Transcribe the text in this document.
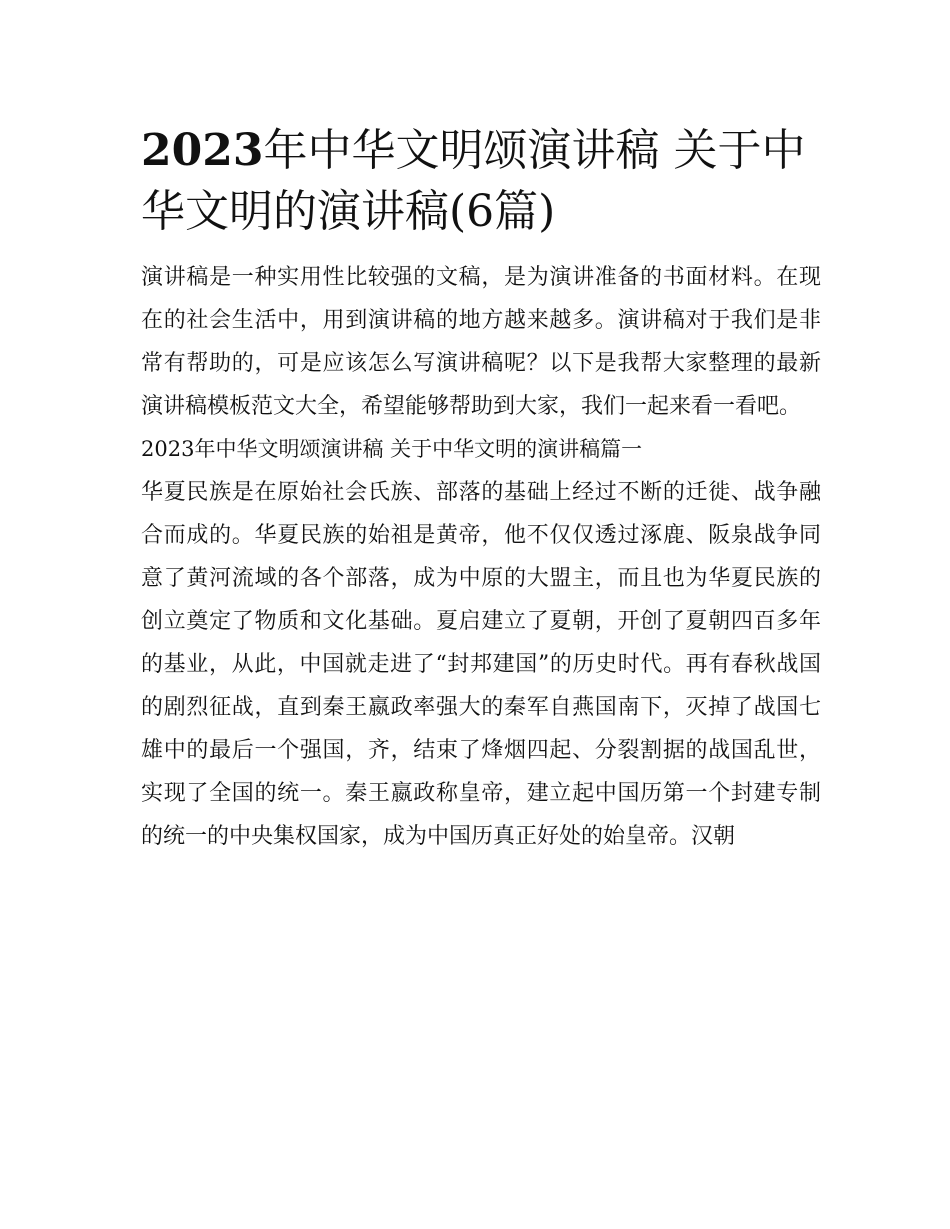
2023年中华文明颂演讲稿 关于中华文明的演讲稿(6篇)

演讲稿是一种实用性比较强的文稿，是为演讲准备的书面材料。在现在的社会生活中，用到演讲稿的地方越来越多。演讲稿对于我们是非常有帮助的，可是应该怎么写演讲稿呢？以下是我帮大家整理的最新演讲稿模板范文大全，希望能够帮助到大家，我们一起来看一看吧。

2023年中华文明颂演讲稿 关于中华文明的演讲稿篇一

华夏民族是在原始社会氏族、部落的基础上经过不断的迁徙、战争融合而成的。华夏民族的始祖是黄帝，他不仅仅透过涿鹿、阪泉战争同意了黄河流域的各个部落，成为中原的大盟主，而且也为华夏民族的创立奠定了物质和文化基础。夏启建立了夏朝，开创了夏朝四百多年的基业，从此，中国就走进了“封邦建国”的历史时代。再有春秋战国的剧烈征战，直到秦王嬴政率强大的秦军自燕国南下，灭掉了战国七雄中的最后一个强国，齐，结束了烽烟四起、分裂割据的战国乱世，实现了全国的统一。秦王嬴政称皇帝，建立起中国历第一个封建专制的统一的中央集权国家，成为中国历真正好处的始皇帝。汉朝
